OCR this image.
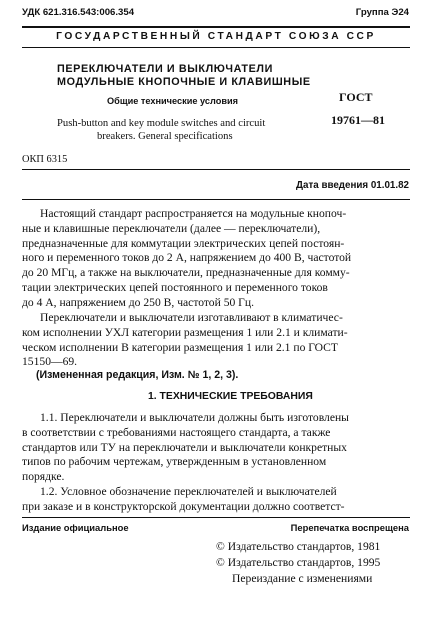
УДК 621.316.543:006.354	Группа Э24
ГОСУДАРСТВЕННЫЙ СТАНДАРТ СОЮЗА ССР
ПЕРЕКЛЮЧАТЕЛИ И ВЫКЛЮЧАТЕЛИ
МОДУЛЬНЫЕ КНОПОЧНЫЕ И КЛАВИШНЫЕ
Общие технические условия
Push-button and key module switches and circuit
breakers. General specifications
ГОСТ
19761—81
ОКП 6315
Дата введения 01.01.82
Настоящий стандарт распространяется на модульные кнопоч-
ные и клавишные переключатели (далее — переключатели),
предназначенные для коммутации электрических цепей постоян-
ного и переменного токов до 2 А, напряжением до 400 В, частотой
до 20 МГц, а также на выключатели, предназначенные для комму-
тации электрических цепей постоянного и переменного токов
до 4 А, напряжением до 250 В, частотой 50 Гц.
Переключатели и выключатели изготавливают в климатичес-
ком исполнении УХЛ категории размещения 1 или 2.1 и климати-
ческом исполнении В категории размещения 1 или 2.1 по ГОСТ
15150—69.
(Измененная редакция, Изм. № 1, 2, 3).
1. ТЕХНИЧЕСКИЕ ТРЕБОВАНИЯ
1.1. Переключатели и выключатели должны быть изготовлены
в соответствии с требованиями настоящего стандарта, а также
стандартов или ТУ на переключатели и выключатели конкретных
типов по рабочим чертежам, утвержденным в установленном
порядке.
1.2. Условное обозначение переключателей и выключателей
при заказе и в конструкторской документации должно соответст-
Издание официальное	Перепечатка воспрещена
© Издательство стандартов, 1981
© Издательство стандартов, 1995
Переиздание с изменениями
